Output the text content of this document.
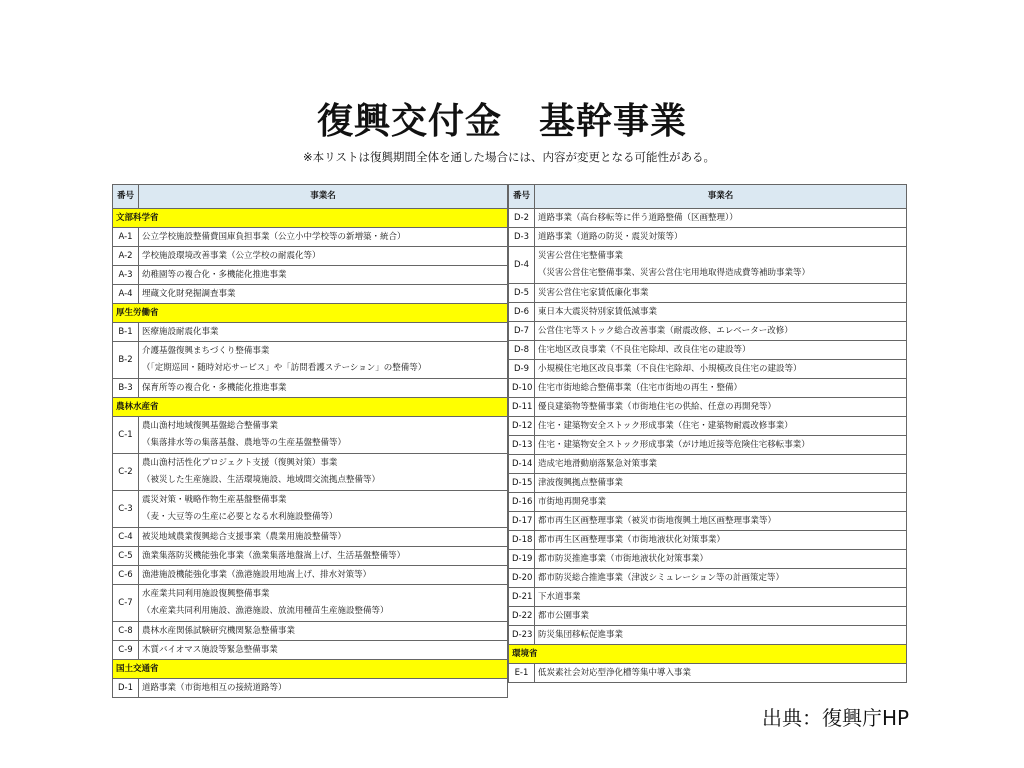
復興交付金　基幹事業
※本リストは復興期間全体を通した場合には、内容が変更となる可能性がある。
番号	事業名
文部科学省	
A-1	公立学校施設整備費国庫負担事業（公立小中学校等の新増築・統合）
A-2	学校施設環境改善事業（公立学校の耐震化等）
A-3	幼稚園等の複合化・多機能化推進事業
A-4	埋蔵文化財発掘調査事業
厚生労働省	
B-1	医療施設耐震化事業
B-2	介護基盤復興まちづくり整備事業
（「定期巡回・随時対応サービス」や「訪問看護ステーション」の整備等）
B-3	保育所等の複合化・多機能化推進事業
農林水産省	
C-1	農山漁村地域復興基盤総合整備事業
（集落排水等の集落基盤、農地等の生産基盤整備等）
C-2	農山漁村活性化プロジェクト支援（復興対策）事業
（被災した生産施設、生活環境施設、地域間交流拠点整備等）
C-3	震災対策・戦略作物生産基盤整備事業
（麦・大豆等の生産に必要となる水利施設整備等）
C-4	被災地域農業復興総合支援事業（農業用施設整備等）
C-5	漁業集落防災機能強化事業（漁業集落地盤嵩上げ、生活基盤整備等）
C-6	漁港施設機能強化事業（漁港施設用地嵩上げ、排水対策等）
C-7	水産業共同利用施設復興整備事業
（水産業共同利用施設、漁港施設、放流用種苗生産施設整備等）
C-8	農林水産関係試験研究機関緊急整備事業
C-9	木質バイオマス施設等緊急整備事業
国土交通省	
D-1	道路事業（市街地相互の接続道路等）
番号	事業名
D-2	道路事業（高台移転等に伴う道路整備（区画整理））
D-3	道路事業（道路の防災・震災対策等）
D-4	災害公営住宅整備事業
（災害公営住宅整備事業、災害公営住宅用地取得造成費等補助事業等）
D-5	災害公営住宅家賃低廉化事業
D-6	東日本大震災特別家賃低減事業
D-7	公営住宅等ストック総合改善事業（耐震改修、エレベーター改修）
D-8	住宅地区改良事業（不良住宅除却、改良住宅の建設等）
D-9	小規模住宅地区改良事業（不良住宅除却、小規模改良住宅の建設等）
D-10	住宅市街地総合整備事業（住宅市街地の再生・整備）
D-11	優良建築物等整備事業（市街地住宅の供給、任意の再開発等）
D-12	住宅・建築物安全ストック形成事業（住宅・建築物耐震改修事業）
D-13	住宅・建築物安全ストック形成事業（がけ地近接等危険住宅移転事業）
D-14	造成宅地滑動崩落緊急対策事業
D-15	津波復興拠点整備事業
D-16	市街地再開発事業
D-17	都市再生区画整理事業（被災市街地復興土地区画整理事業等）
D-18	都市再生区画整理事業（市街地液状化対策事業）
D-19	都市防災推進事業（市街地液状化対策事業）
D-20	都市防災総合推進事業（津波シミュレーション等の計画策定等）
D-21	下水道事業
D-22	都市公園事業
D-23	防災集団移転促進事業
環境省	
E-1	低炭素社会対応型浄化槽等集中導入事業
出典：復興庁HP
